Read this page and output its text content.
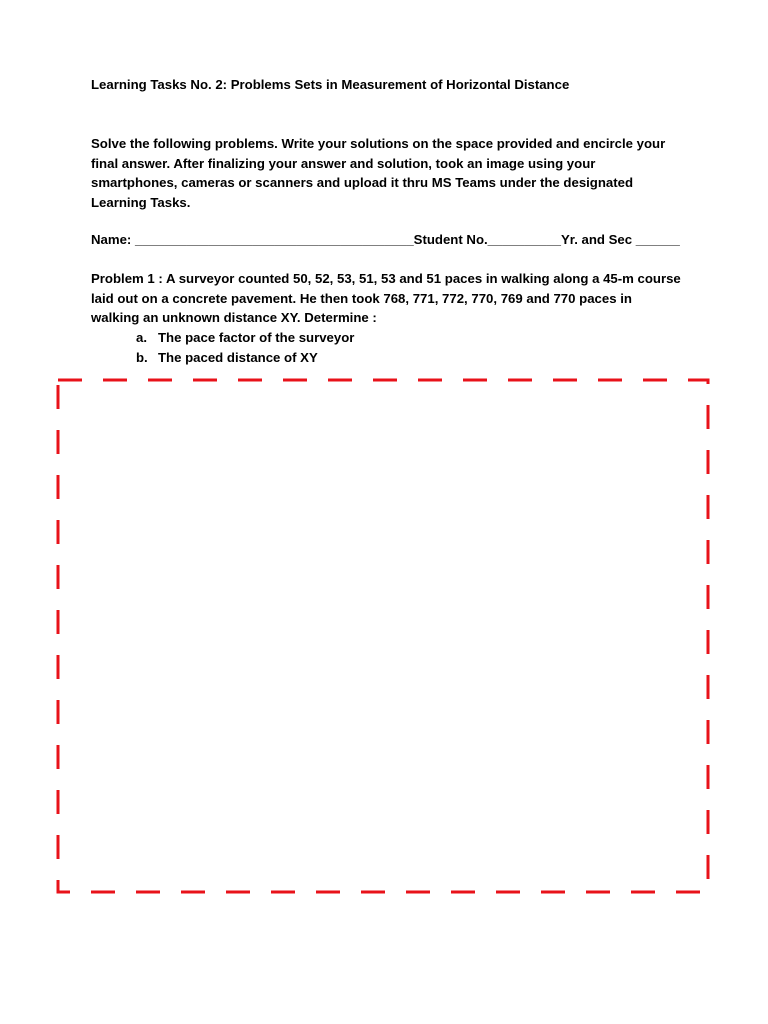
Learning Tasks No. 2: Problems Sets in Measurement of Horizontal Distance
Solve the following problems. Write your solutions on the space provided and encircle your
final answer. After finalizing your answer and solution, took an image using your
smartphones, cameras or scanners and upload it thru MS Teams under the designated
Learning Tasks.
Name: ______________________________________Student No.__________Yr. and Sec ______
Problem 1 : A surveyor counted 50, 52, 53, 51, 53 and 51 paces in walking along a 45-m course
laid out on a concrete pavement. He then took 768, 771, 772, 770, 769 and 770 paces in
walking an unknown distance XY. Determine :
a. The pace factor of the surveyor
b. The paced distance of XY
